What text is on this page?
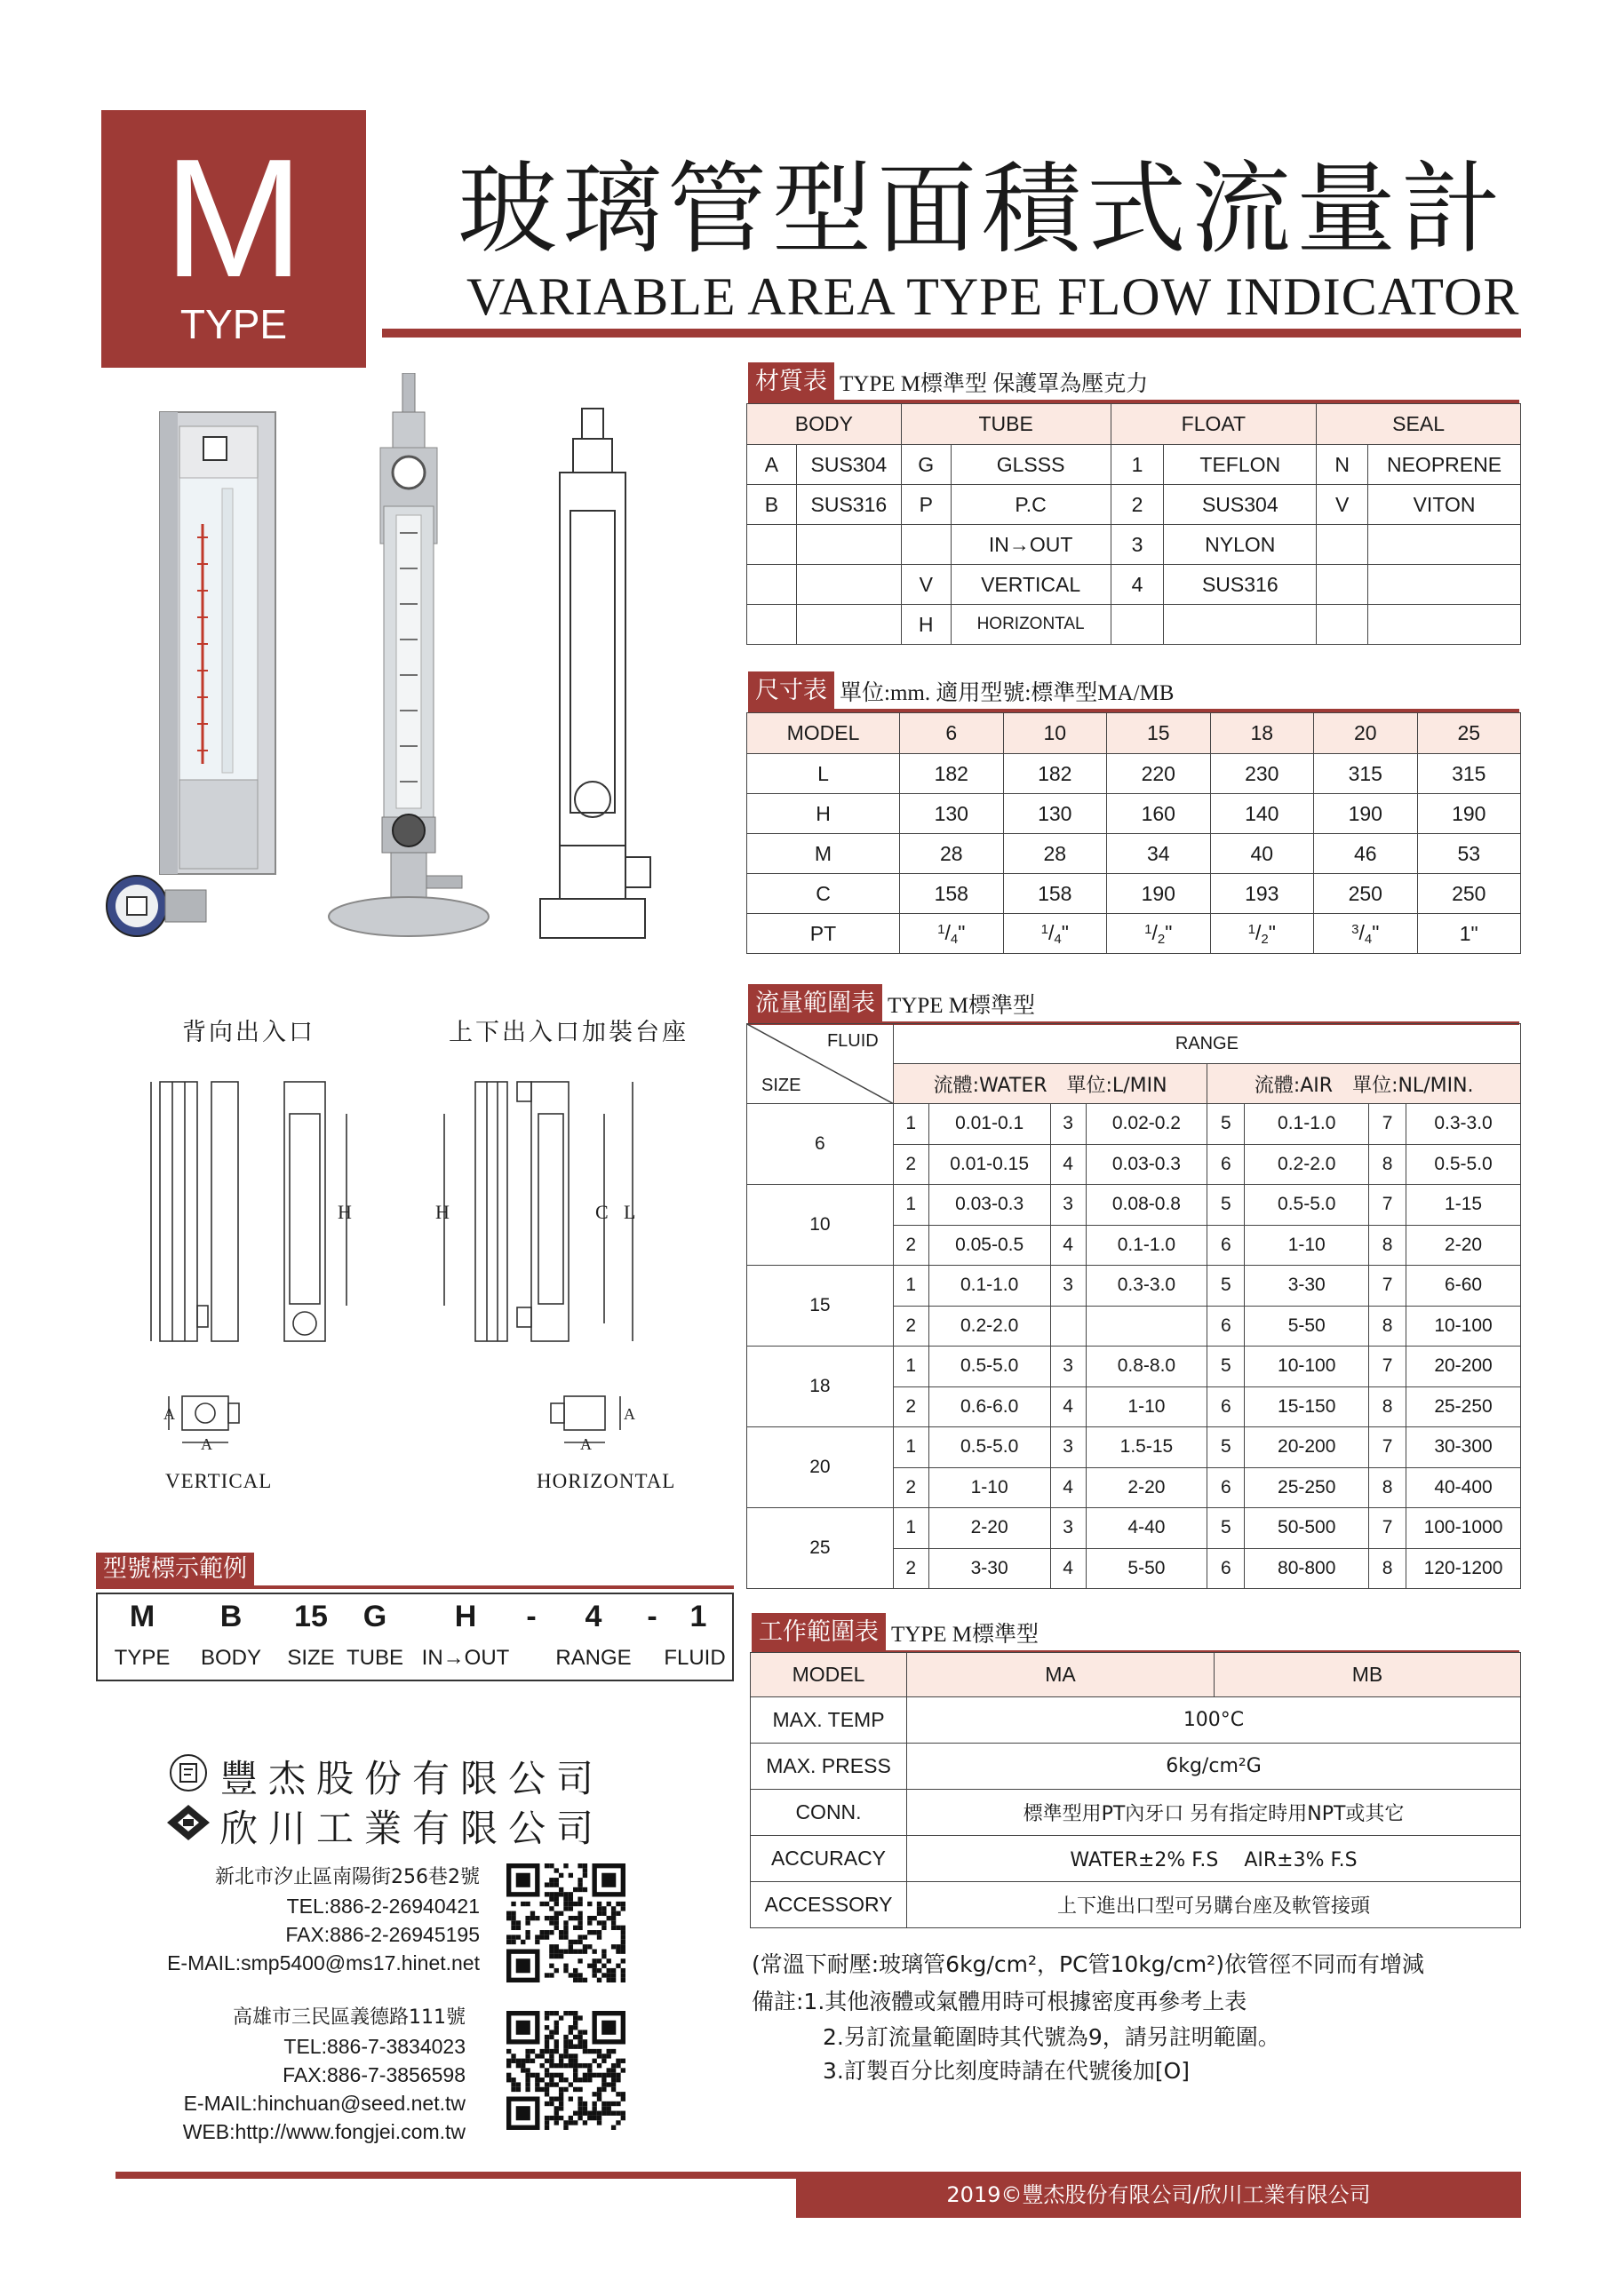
M
TYPE
玻璃管型面積式流量計
VARIABLE AREA TYPE FLOW INDICATOR
背向出入口	上下出入口加裝台座
H	H	C L
A
A
A
A
VERTICAL	HORIZONTAL
材質表 TYPE M標準型 保護罩為壓克力
BODY		TUBE		FLOAT		SEAL	
A	SUS304	G	GLSSS	1	TEFLON	N	NEOPRENE
B	SUS316	P	P.C	2	SUS304	V	VITON
			IN→OUT	3	NYLON		
		V	VERTICAL	4	SUS316		
		H	HORIZONTAL				
尺寸表 單位:mm. 適用型號:標準型MA/MB
MODEL	6	10	15	18	20	25
L	182	182	220	230	315	315
H	130	130	160	140	190	190
M	28	28	34	40	46	53
C	158	158	190	193	250	250
PT	$^1/_4$"	$^1/_4$"	$^1/_2$"	$^1/_2$"	$^3/_4$"	1"
流量範圍表 TYPE M標準型
FLUID
SIZE	RANGE							
	流體:WATER　單位:L/MIN				流體:AIR　單位:NL/MIN.			
6	1	0.01-0.1	3	0.02-0.2	5	0.1-1.0	7	0.3-3.0
	2	0.01-0.15	4	0.03-0.3	6	0.2-2.0	8	0.5-5.0
10	1	0.03-0.3	3	0.08-0.8	5	0.5-5.0	7	1-15
	2	0.05-0.5	4	0.1-1.0	6	1-10	8	2-20
15	1	0.1-1.0	3	0.3-3.0	5	3-30	7	6-60
	2	0.2-2.0			6	5-50	8	10-100
18	1	0.5-5.0	3	0.8-8.0	5	10-100	7	20-200
	2	0.6-6.0	4	1-10	6	15-150	8	25-250
20	1	0.5-5.0	3	1.5-15	5	20-200	7	30-300
	2	1-10	4	2-20	6	25-250	8	40-400
25	1	2-20	3	4-40	5	50-500	7	100-1000
	2	3-30	4	5-50	6	80-800	8	120-1200
工作範圍表 TYPE M標準型
MODEL	MA	MB
MAX. TEMP	100°C	
MAX. PRESS	6kg/cm²G	
CONN.	標準型用PT內牙口 另有指定時用NPT或其它	
ACCURACY	WATER±2% F.S　 AIR±3% F.S	
ACCESSORY	上下進出口型可另購台座及軟管接頭	
(常溫下耐壓:玻璃管6kg/cm²，PC管10kg/cm²)依管徑不同而有增減
備註:1.其他液體或氣體用時可根據密度再參考上表
2.另訂流量範圍時其代號為9，請另註明範圍。
3.訂製百分比刻度時請在代號後加[O]
型號標示範例
M B 15 G H - 4 - 1
TYPE BODY SIZE TUBE IN→OUT RANGE FLUID
豐杰股份有限公司
欣川工業有限公司
新北市汐止區南陽街256巷2號
TEL:886-2-26940421
FAX:886-2-26945195
E-MAIL:smp5400@ms17.hinet.net
高雄市三民區義德路111號
TEL:886-7-3834023
FAX:886-7-3856598
E-MAIL:hinchuan@seed.net.tw
WEB:http://www.fongjei.com.tw
2019©豐杰股份有限公司/欣川工業有限公司
